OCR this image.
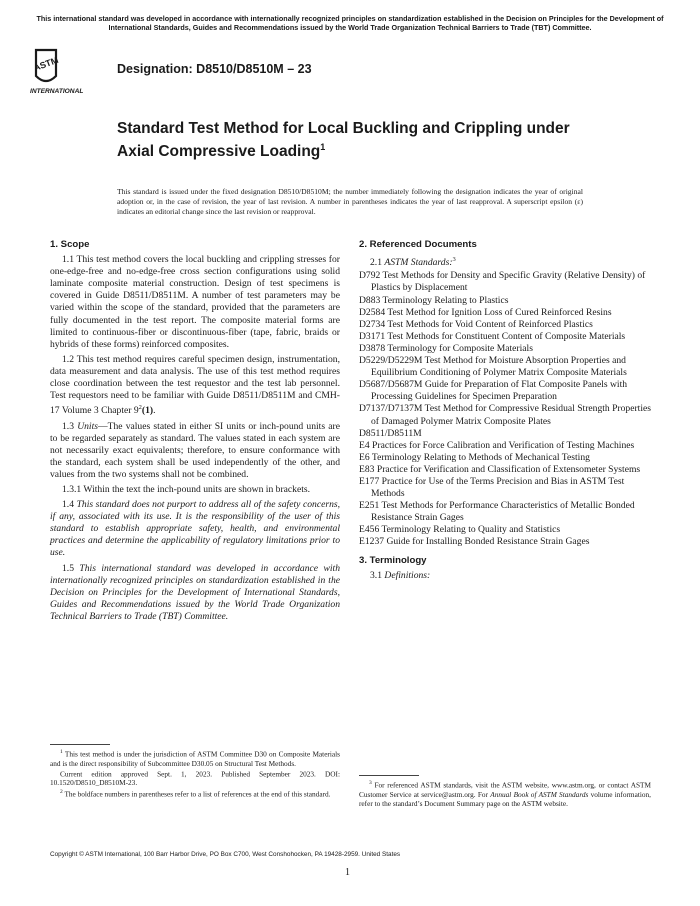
This international standard was developed in accordance with internationally recognized principles on standardization established in the Decision on Principles for the Development of International Standards, Guides and Recommendations issued by the World Trade Organization Technical Barriers to Trade (TBT) Committee.
ASTM
INTERNATIONAL
Designation: D8510/D8510M – 23
Standard Test Method for Local Buckling and Crippling under Axial Compressive Loading$^1$
This standard is issued under the fixed designation D8510/D8510M; the number immediately following the designation indicates the year of original adoption or, in the case of revision, the year of last revision. A number in parentheses indicates the year of last reapproval. A superscript epsilon (ε) indicates an editorial change since the last revision or reapproval.
1. Scope

1.1 This test method covers the local buckling and crippling stresses for one-edge-free and no-edge-free cross section configurations using solid laminate composite material construction. Design of test specimens is covered in Guide D8511/D8511M. A number of test parameters may be varied within the scope of the standard, provided that the parameters are fully documented in the test report. The composite material forms are limited to continuous-fiber or discontinuous-fiber (tape, fabric, braids or hybrids of these forms) reinforced composites.

1.2 This test method requires careful specimen design, instrumentation, data measurement and data analysis. The use of this test method requires close coordination between the test requestor and the test lab personnel. Test requestors need to be familiar with Guide D8511/D8511M and CMH-17 Volume 3 Chapter $9^2(1)$.

1.3 Units—The values stated in either SI units or inch-pound units are to be regarded separately as standard. The values stated in each system are not necessarily exact equivalents; therefore, to ensure conformance with the standard, each system shall be used independently of the other, and values from the two systems shall not be combined.

1.3.1 Within the text the inch-pound units are shown in brackets.

1.4 This standard does not purport to address all of the safety concerns, if any, associated with its use. It is the responsibility of the user of this standard to establish appropriate safety, health, and environmental practices and determine the applicability of regulatory limitations prior to use.

1.5 This international standard was developed in accordance with internationally recognized principles on standardization established in the Decision on Principles for the Development of International Standards, Guides and Recommendations issued by the World Trade Organization Technical Barriers to Trade (TBT) Committee.

2. Referenced Documents

2.1 ASTM Standards:$^3$

D792 Test Methods for Density and Specific Gravity (Relative Density) of Plastics by Displacement

D883 Terminology Relating to Plastics

D2584 Test Method for Ignition Loss of Cured Reinforced Resins

D2734 Test Methods for Void Content of Reinforced Plastics

D3171 Test Methods for Constituent Content of Composite Materials

D3878 Terminology for Composite Materials

D5229/D5229M Test Method for Moisture Absorption Properties and Equilibrium Conditioning of Polymer Matrix Composite Materials

D5687/D5687M Guide for Preparation of Flat Composite Panels with Processing Guidelines for Specimen Preparation

D7137/D7137M Test Method for Compressive Residual Strength Properties of Damaged Polymer Matrix Composite Plates

D8511/D8511M

E4 Practices for Force Calibration and Verification of Testing Machines

E6 Terminology Relating to Methods of Mechanical Testing

E83 Practice for Verification and Classification of Extensometer Systems

E177 Practice for Use of the Terms Precision and Bias in ASTM Test Methods

E251 Test Methods for Performance Characteristics of Metallic Bonded Resistance Strain Gages

E456 Terminology Relating to Quality and Statistics

E1237 Guide for Installing Bonded Resistance Strain Gages

3. Terminology

3.1 Definitions:

$^1$ This test method is under the jurisdiction of ASTM Committee D30 on Composite Materials and is the direct responsibility of Subcommittee D30.05 on Structural Test Methods.

Current edition approved Sept. 1, 2023. Published September 2023. DOI: 10.1520/D8510_D8510M-23.

$^2$ The boldface numbers in parentheses refer to a list of references at the end of this standard.

$^3$ For referenced ASTM standards, visit the ASTM website, www.astm.org, or contact ASTM Customer Service at service@astm.org. For Annual Book of ASTM Standards volume information, refer to the standard’s Document Summary page on the ASTM website.

Copyright © ASTM International, 100 Barr Harbor Drive, PO Box C700, West Conshohocken, PA 19428-2959. United States
1
